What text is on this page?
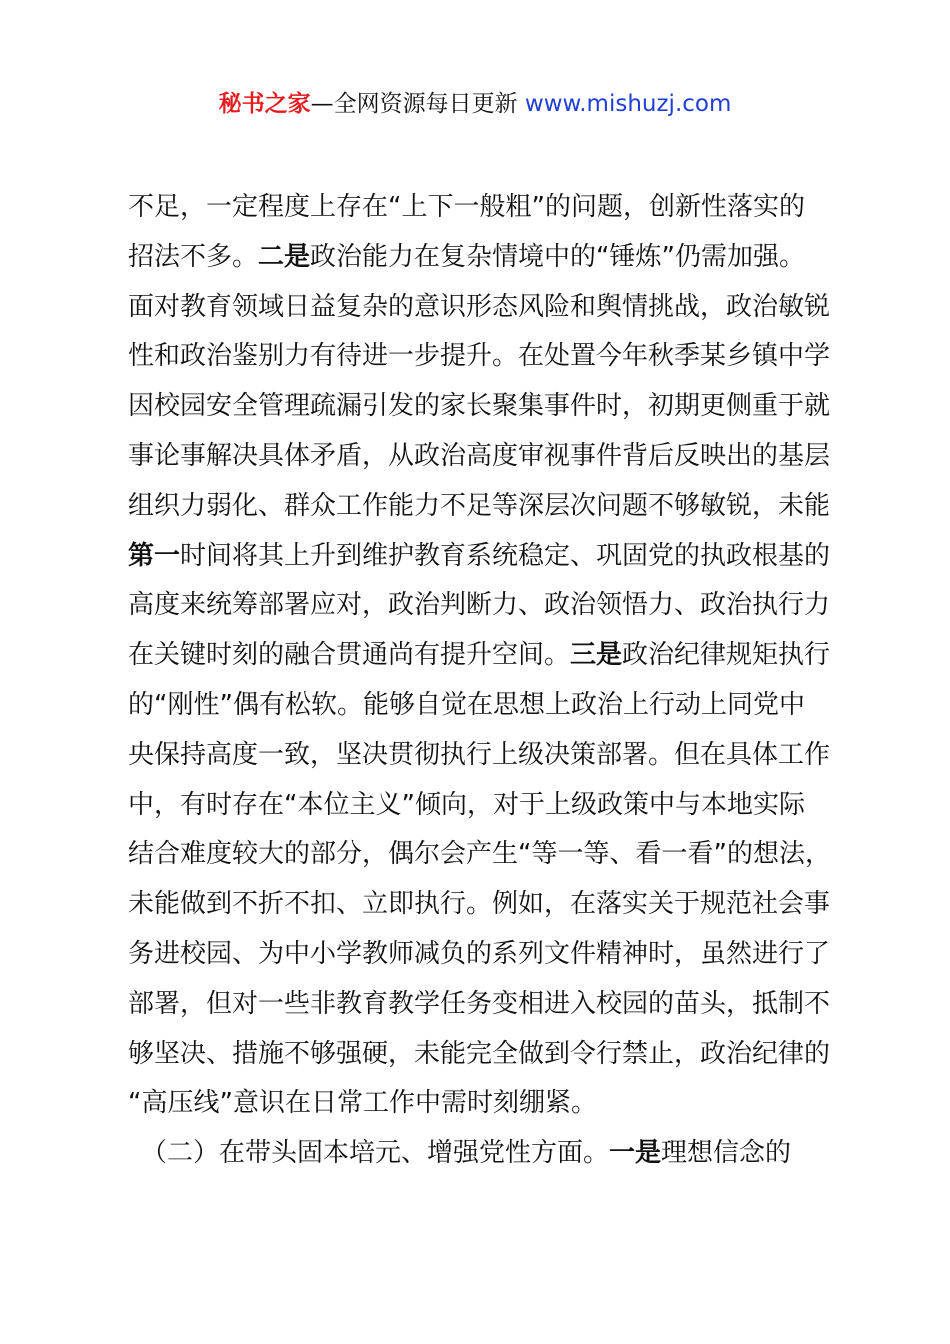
秘书之家—全网资源每日更新 www.mishuzj.com
不足，一定程度上存在“上下一般粗”的问题，创新性落实的
招法不多。二是政治能力在复杂情境中的“锤炼”仍需加强。
面对教育领域日益复杂的意识形态风险和舆情挑战，政治敏锐
性和政治鉴别力有待进一步提升。在处置今年秋季某乡镇中学
因校园安全管理疏漏引发的家长聚集事件时，初期更侧重于就
事论事解决具体矛盾，从政治高度审视事件背后反映出的基层
组织力弱化、群众工作能力不足等深层次问题不够敏锐，未能
第一时间将其上升到维护教育系统稳定、巩固党的执政根基的
高度来统筹部署应对，政治判断力、政治领悟力、政治执行力
在关键时刻的融合贯通尚有提升空间。三是政治纪律规矩执行
的“刚性”偶有松软。能够自觉在思想上政治上行动上同党中
央保持高度一致，坚决贯彻执行上级决策部署。但在具体工作
中，有时存在“本位主义”倾向，对于上级政策中与本地实际
结合难度较大的部分，偶尔会产生“等一等、看一看”的想法，
未能做到不折不扣、立即执行。例如，在落实关于规范社会事
务进校园、为中小学教师减负的系列文件精神时，虽然进行了
部署，但对一些非教育教学任务变相进入校园的苗头，抵制不
够坚决、措施不够强硬，未能完全做到令行禁止，政治纪律的
“高压线”意识在日常工作中需时刻绷紧。
　（二）在带头固本培元、增强党性方面。一是理想信念的
